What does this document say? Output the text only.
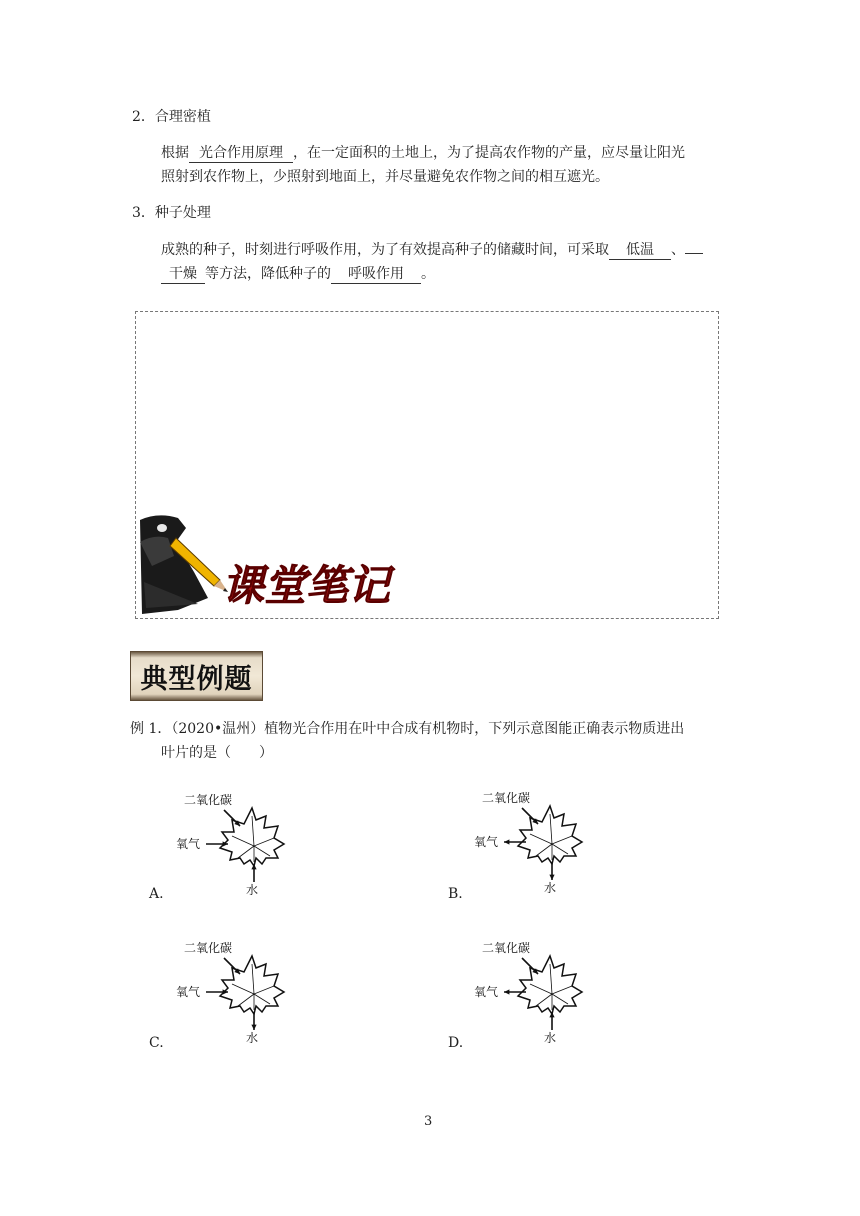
2．合理密植
根据 光合作用原理 ，在一定面积的土地上，为了提高农作物的产量，应尽量让阳光
照射到农作物上，少照射到地面上，并尽量避免农作物之间的相互遮光。
3．种子处理
成熟的种子，时刻进行呼吸作用，为了有效提高种子的储藏时间，可采取 低温 、
干燥 等方法，降低种子的 呼吸作用 。
课堂笔记
典型例题
例 1．（2020•温州）植物光合作用在叶中合成有机物时，下列示意图能正确表示物质进出
叶片的是（　　）
二氧化碳
氧气
水
A.
二氧化碳
氧气
水
B.
二氧化碳
氧气
水
C.
二氧化碳
氧气
水
D.
3
